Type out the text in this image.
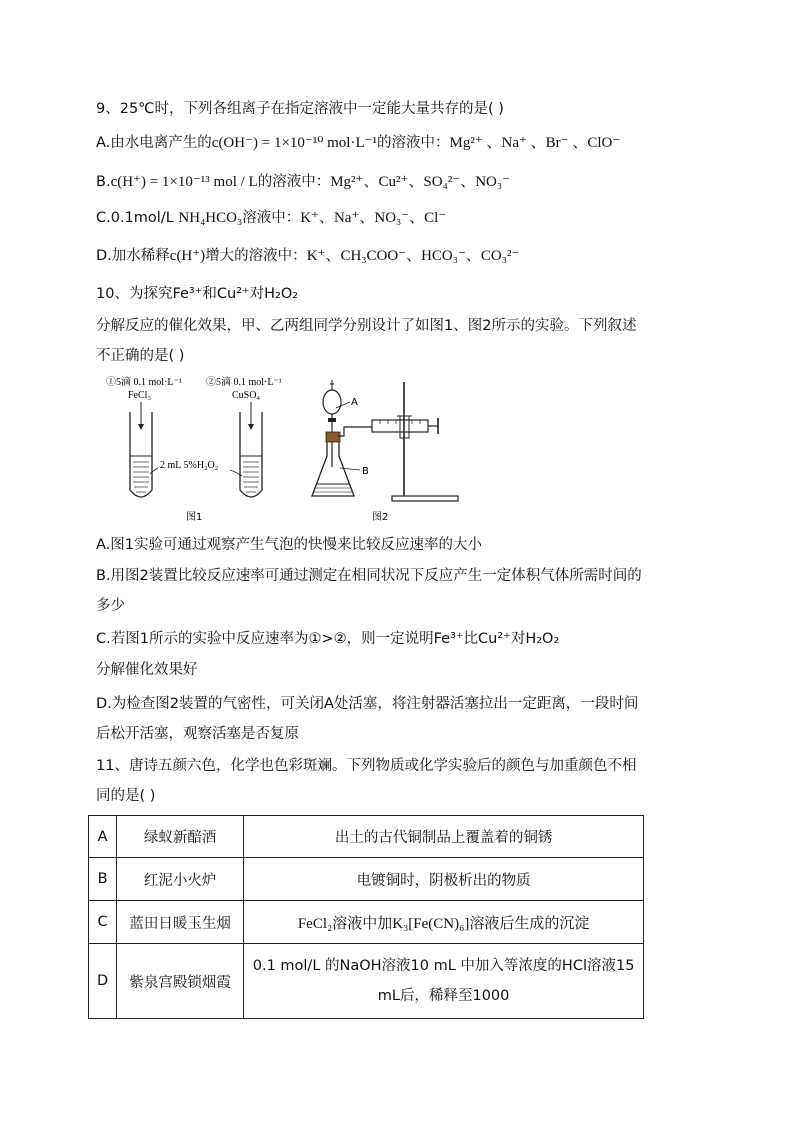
9、25℃时，下列各组离子在指定溶液中一定能大量共存的是( )
A.由水电离产生的c(OH⁻) = 1×10⁻¹⁰ mol·L⁻¹的溶液中：Mg²⁺ 、Na⁺ 、Br⁻ 、ClO⁻
B.c(H⁺) = 1×10⁻¹³ mol / L的溶液中：Mg²⁺、Cu²⁺、SO₄²⁻、NO₃⁻
C.0.1mol/L NH₄HCO₃溶液中：K⁺、Na⁺、NO₃⁻、Cl⁻
D.加水稀释c(H⁺)增大的溶液中：K⁺、CH₃COO⁻、HCO₃⁻、CO₃²⁻
10、为探究Fe³⁺和Cu²⁺对H₂O₂
分解反应的催化效果，甲、乙两组同学分别设计了如图1、图2所示的实验。下列叙述
不正确的是( )
①5滴 0.1 mol·L⁻¹
FeCl₃
②5滴 0.1 mol·L⁻¹
CuSO₄
2 mL 5%H₂O₂
图1
A
B
图2
A.图1实验可通过观察产生气泡的快慢来比较反应速率的大小
B.用图2装置比较反应速率可通过测定在相同状况下反应产生一定体积气体所需时间的
多少
C.若图1所示的实验中反应速率为①>②，则一定说明Fe³⁺比Cu²⁺对H₂O₂
分解催化效果好
D.为检查图2装置的气密性，可关闭A处活塞，将注射器活塞拉出一定距离，一段时间
后松开活塞，观察活塞是否复原
11、唐诗五颜六色，化学也色彩斑斓。下列物质或化学实验后的颜色与加重颜色不相
同的是( )
A	绿蚁新醅酒	出土的古代铜制品上覆盖着的铜锈
B	红泥小火炉	电镀铜时，阴极析出的物质
C	蓝田日暖玉生烟	FeCl₂溶液中加K₃[Fe(CN)₆]溶液后生成的沉淀
D	紫泉宫殿锁烟霞	0.1 mol/L 的NaOH溶液10 mL 中加入等浓度的HCl溶液15
mL后，稀释至1000
